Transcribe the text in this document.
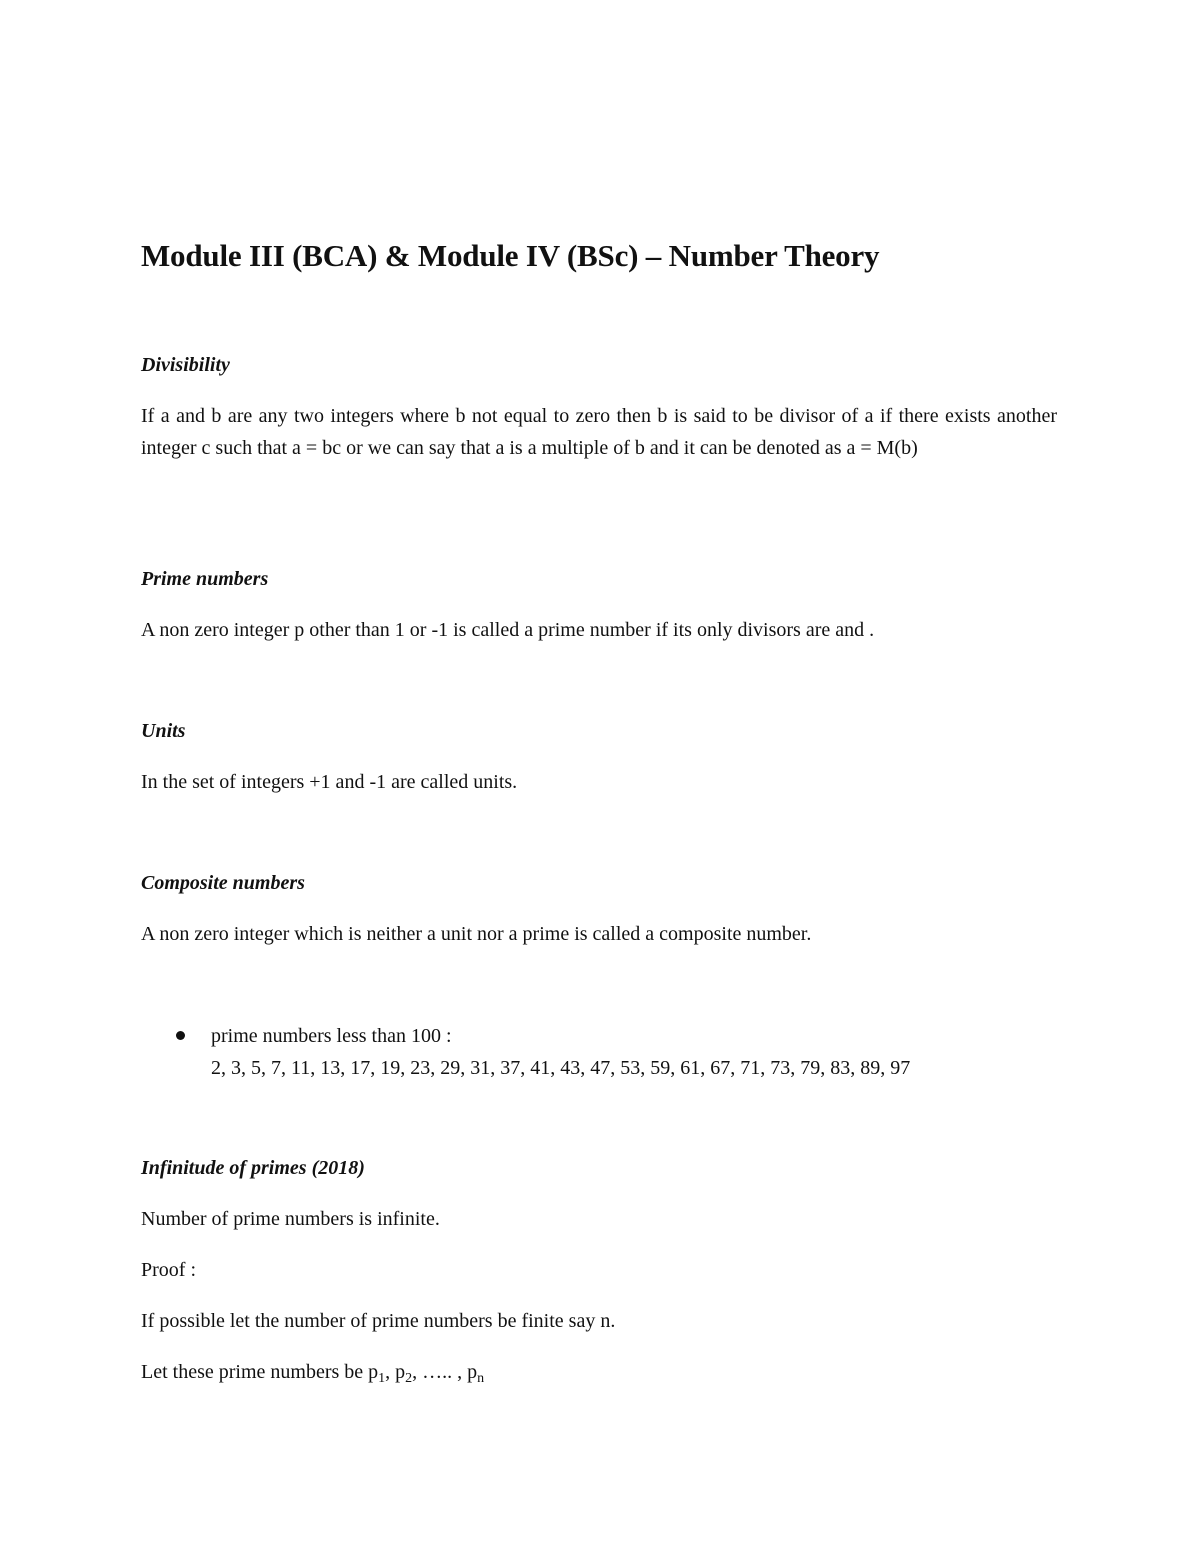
Module III (BCA) & Module IV (BSc) – Number Theory
Divisibility
If a and b are any two integers where b not equal to zero then b is said to be divisor of a if there exists another integer c such that a = bc or we can say that a is a multiple of b and it can be denoted as a = M(b)
Prime numbers
A non zero integer p other than 1 or -1 is called a prime number if its only divisors are and .
Units
In the set of integers +1 and -1 are called units.
Composite numbers
A non zero integer which is neither a unit nor a prime is called a composite number.
prime numbers less than 100 :
2, 3, 5, 7, 11, 13, 17, 19, 23, 29, 31, 37, 41, 43, 47, 53, 59, 61, 67, 71, 73, 79, 83, 89, 97
Infinitude of primes (2018)
Number of prime numbers is infinite.
Proof :
If possible let the number of prime numbers be finite say n.
Let these prime numbers be $p_1$, $p_2$, ….. , $p_n$
